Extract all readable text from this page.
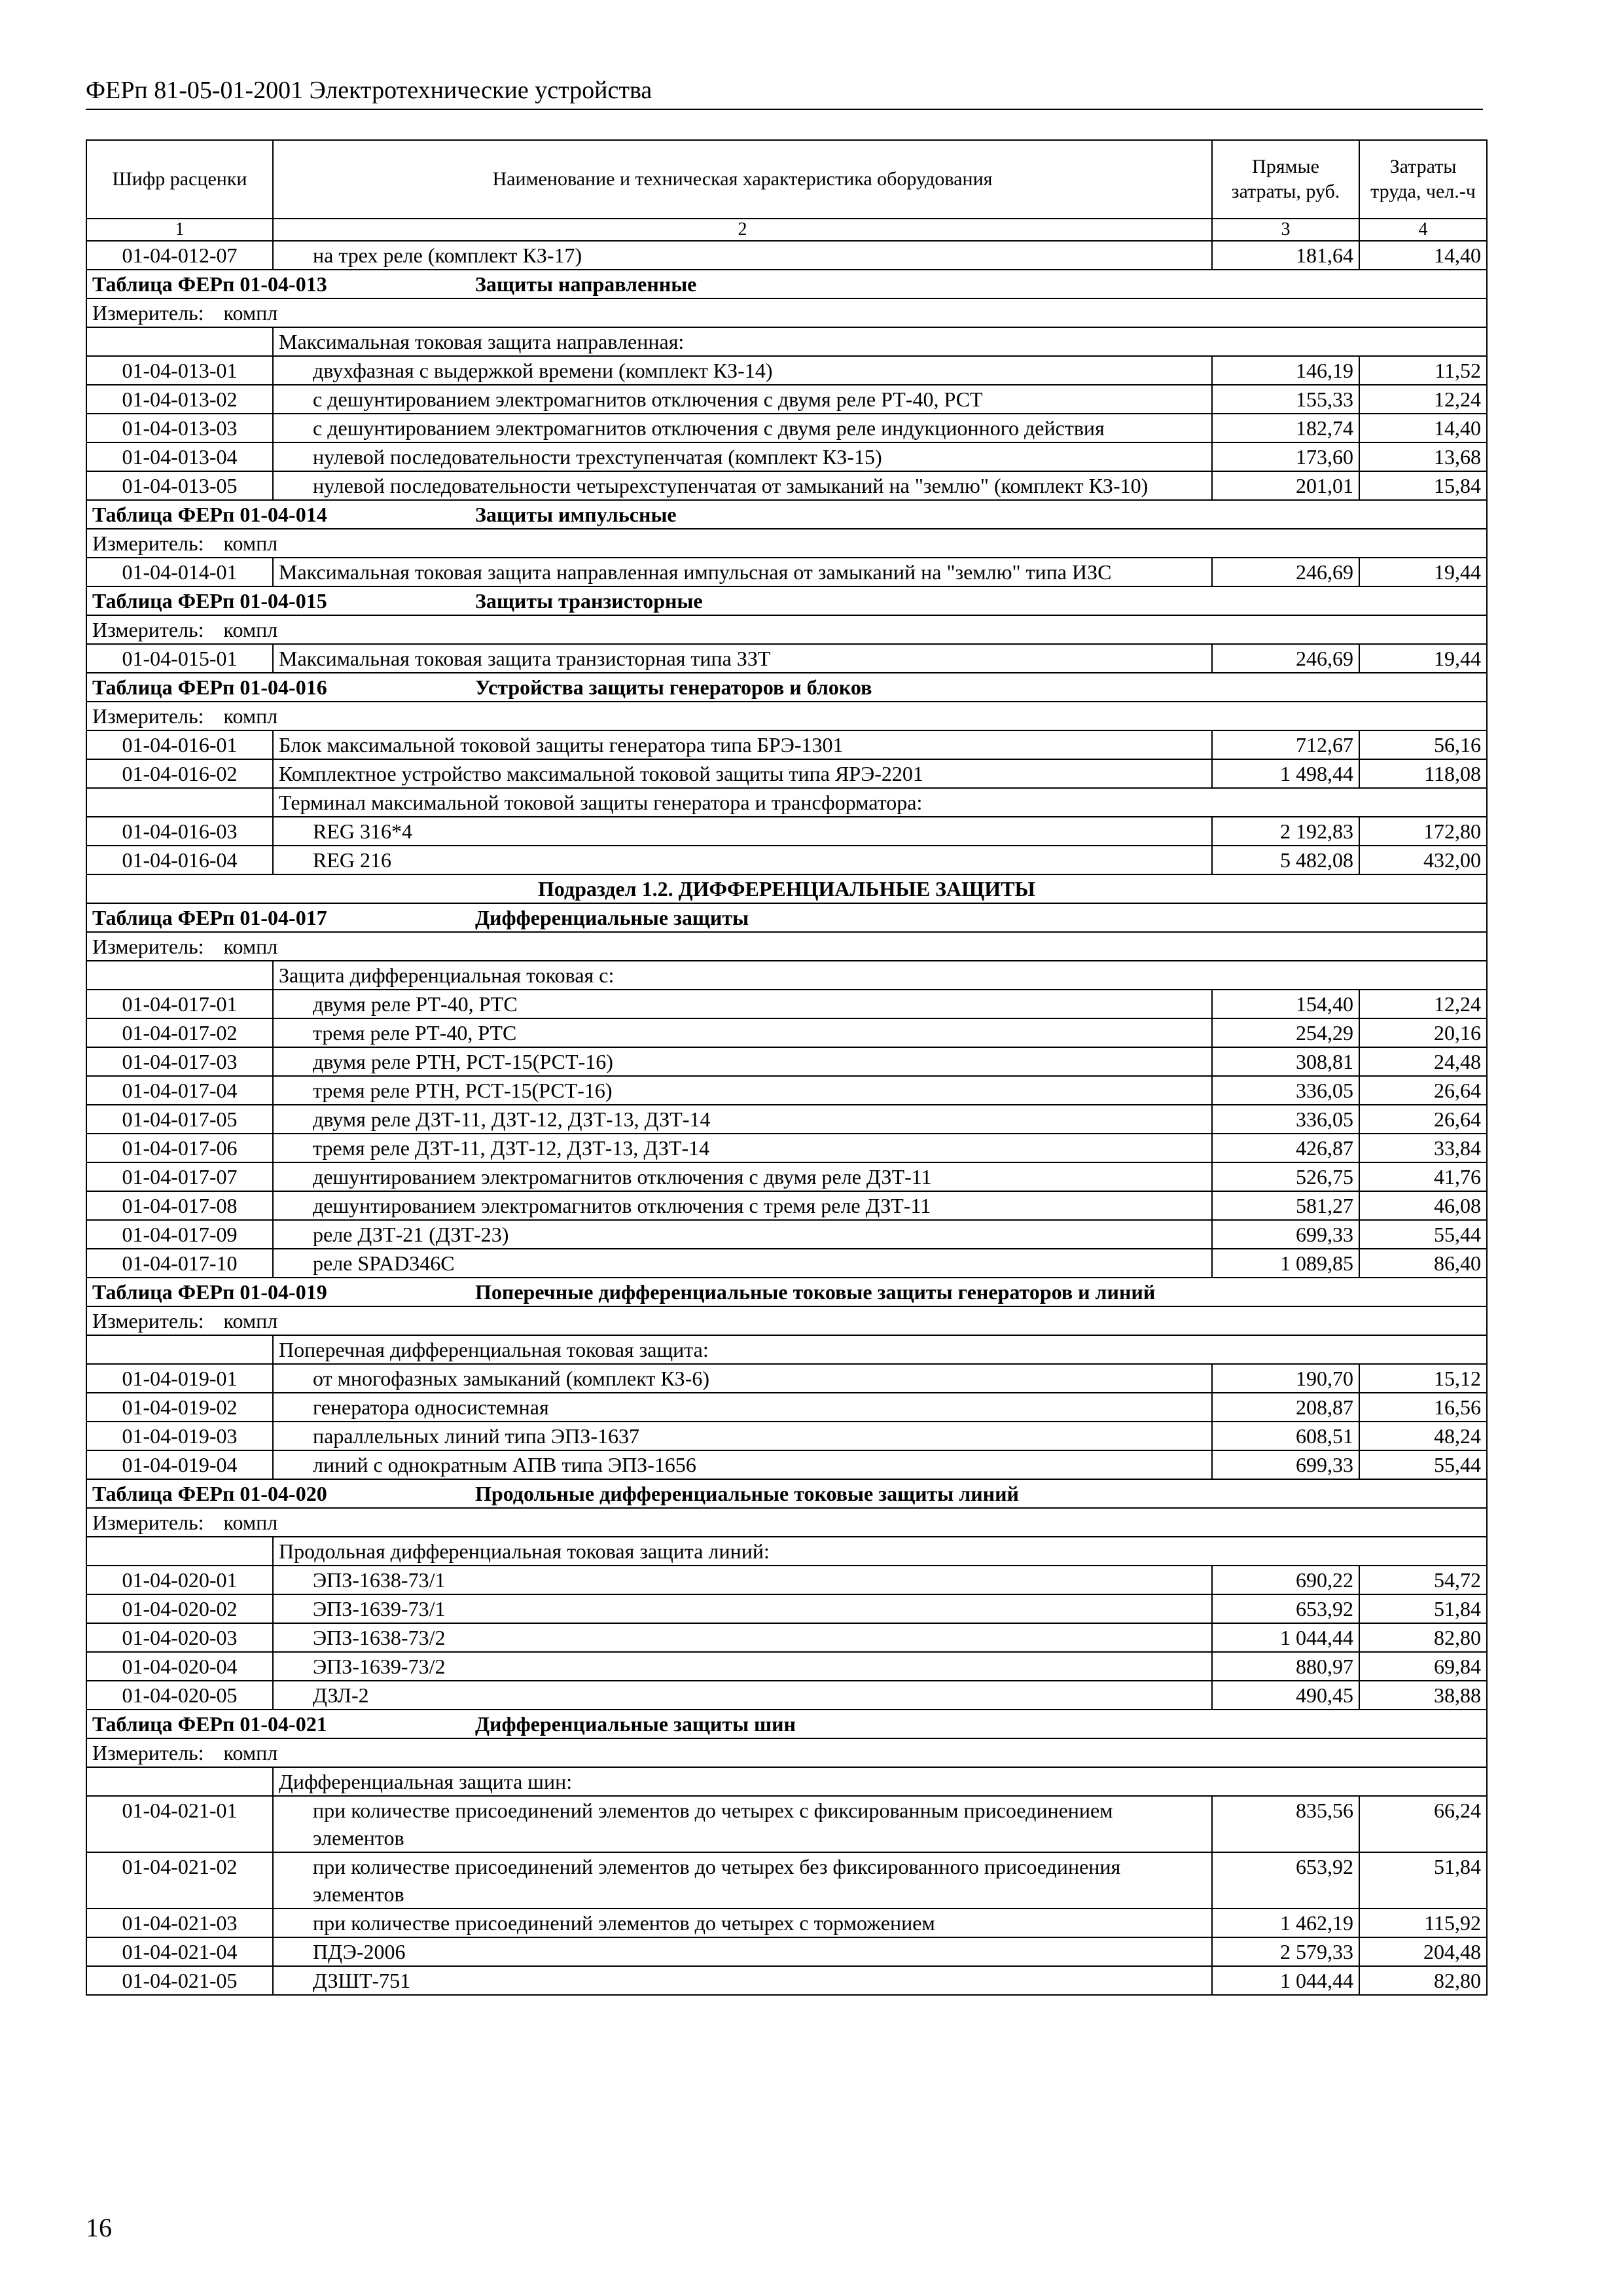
ФЕРп 81-05-01-2001 Электротехнические устройства
Шифр расценки	Наименование и техническая характеристика оборудования	Прямые затраты, руб.	Затраты труда, чел.-ч
1	2	3	4
01-04-012-07	на трех реле (комплект КЗ-17)	181,64	14,40
Таблица ФЕРп 01-04-013 Защиты направленные			
Измеритель: компл			
	Максимальная токовая защита направленная:		
01-04-013-01	двухфазная с выдержкой времени (комплект КЗ-14)	146,19	11,52
01-04-013-02	с дешунтированием электромагнитов отключения с двумя реле РТ-40, РСТ	155,33	12,24
01-04-013-03	с дешунтированием электромагнитов отключения с двумя реле индукционного действия	182,74	14,40
01-04-013-04	нулевой последовательности трехступенчатая (комплект КЗ-15)	173,60	13,68
01-04-013-05	нулевой последовательности четырехступенчатая от замыканий на "землю" (комплект КЗ-10)	201,01	15,84
Таблица ФЕРп 01-04-014 Защиты импульсные			
Измеритель: компл			
01-04-014-01	Максимальная токовая защита направленная импульсная от замыканий на "землю" типа ИЗС	246,69	19,44
Таблица ФЕРп 01-04-015 Защиты транзисторные			
Измеритель: компл			
01-04-015-01	Максимальная токовая защита транзисторная типа ЗЗТ	246,69	19,44
Таблица ФЕРп 01-04-016 Устройства защиты генераторов и блоков			
Измеритель: компл			
01-04-016-01	Блок максимальной токовой защиты генератора типа БРЭ-1301	712,67	56,16
01-04-016-02	Комплектное устройство максимальной токовой защиты типа ЯРЭ-2201	1 498,44	118,08
	Терминал максимальной токовой защиты генератора и трансформатора:		
01-04-016-03	REG 316*4	2 192,83	172,80
01-04-016-04	REG 216	5 482,08	432,00
Подраздел 1.2. ДИФФЕРЕНЦИАЛЬНЫЕ ЗАЩИТЫ			
Таблица ФЕРп 01-04-017 Дифференциальные защиты			
Измеритель: компл			
	Защита дифференциальная токовая с:		
01-04-017-01	двумя реле РТ-40, РТС	154,40	12,24
01-04-017-02	тремя реле РТ-40, РТС	254,29	20,16
01-04-017-03	двумя реле РТН, РСТ-15(РСТ-16)	308,81	24,48
01-04-017-04	тремя реле РТН, РСТ-15(РСТ-16)	336,05	26,64
01-04-017-05	двумя реле ДЗТ-11, ДЗТ-12, ДЗТ-13, ДЗТ-14	336,05	26,64
01-04-017-06	тремя реле ДЗТ-11, ДЗТ-12, ДЗТ-13, ДЗТ-14	426,87	33,84
01-04-017-07	дешунтированием электромагнитов отключения с двумя реле ДЗТ-11	526,75	41,76
01-04-017-08	дешунтированием электромагнитов отключения с тремя реле ДЗТ-11	581,27	46,08
01-04-017-09	реле ДЗТ-21 (ДЗТ-23)	699,33	55,44
01-04-017-10	реле SPAD346C	1 089,85	86,40
Таблица ФЕРп 01-04-019 Поперечные дифференциальные токовые защиты генераторов и линий			
Измеритель: компл			
	Поперечная дифференциальная токовая защита:		
01-04-019-01	от многофазных замыканий (комплект КЗ-6)	190,70	15,12
01-04-019-02	генератора односистемная	208,87	16,56
01-04-019-03	параллельных линий типа ЭПЗ-1637	608,51	48,24
01-04-019-04	линий с однократным АПВ типа ЭПЗ-1656	699,33	55,44
Таблица ФЕРп 01-04-020 Продольные дифференциальные токовые защиты линий			
Измеритель: компл			
	Продольная дифференциальная токовая защита линий:		
01-04-020-01	ЭПЗ-1638-73/1	690,22	54,72
01-04-020-02	ЭПЗ-1639-73/1	653,92	51,84
01-04-020-03	ЭПЗ-1638-73/2	1 044,44	82,80
01-04-020-04	ЭПЗ-1639-73/2	880,97	69,84
01-04-020-05	ДЗЛ-2	490,45	38,88
Таблица ФЕРп 01-04-021 Дифференциальные защиты шин			
Измеритель: компл			
	Дифференциальная защита шин:		
01-04-021-01	при количестве присоединений элементов до четырех с фиксированным присоединением элементов	835,56	66,24
01-04-021-02	при количестве присоединений элементов до четырех без фиксированного присоединения элементов	653,92	51,84
01-04-021-03	при количестве присоединений элементов до четырех с торможением	1 462,19	115,92
01-04-021-04	ПДЭ-2006	2 579,33	204,48
01-04-021-05	ДЗШТ-751	1 044,44	82,80
16
